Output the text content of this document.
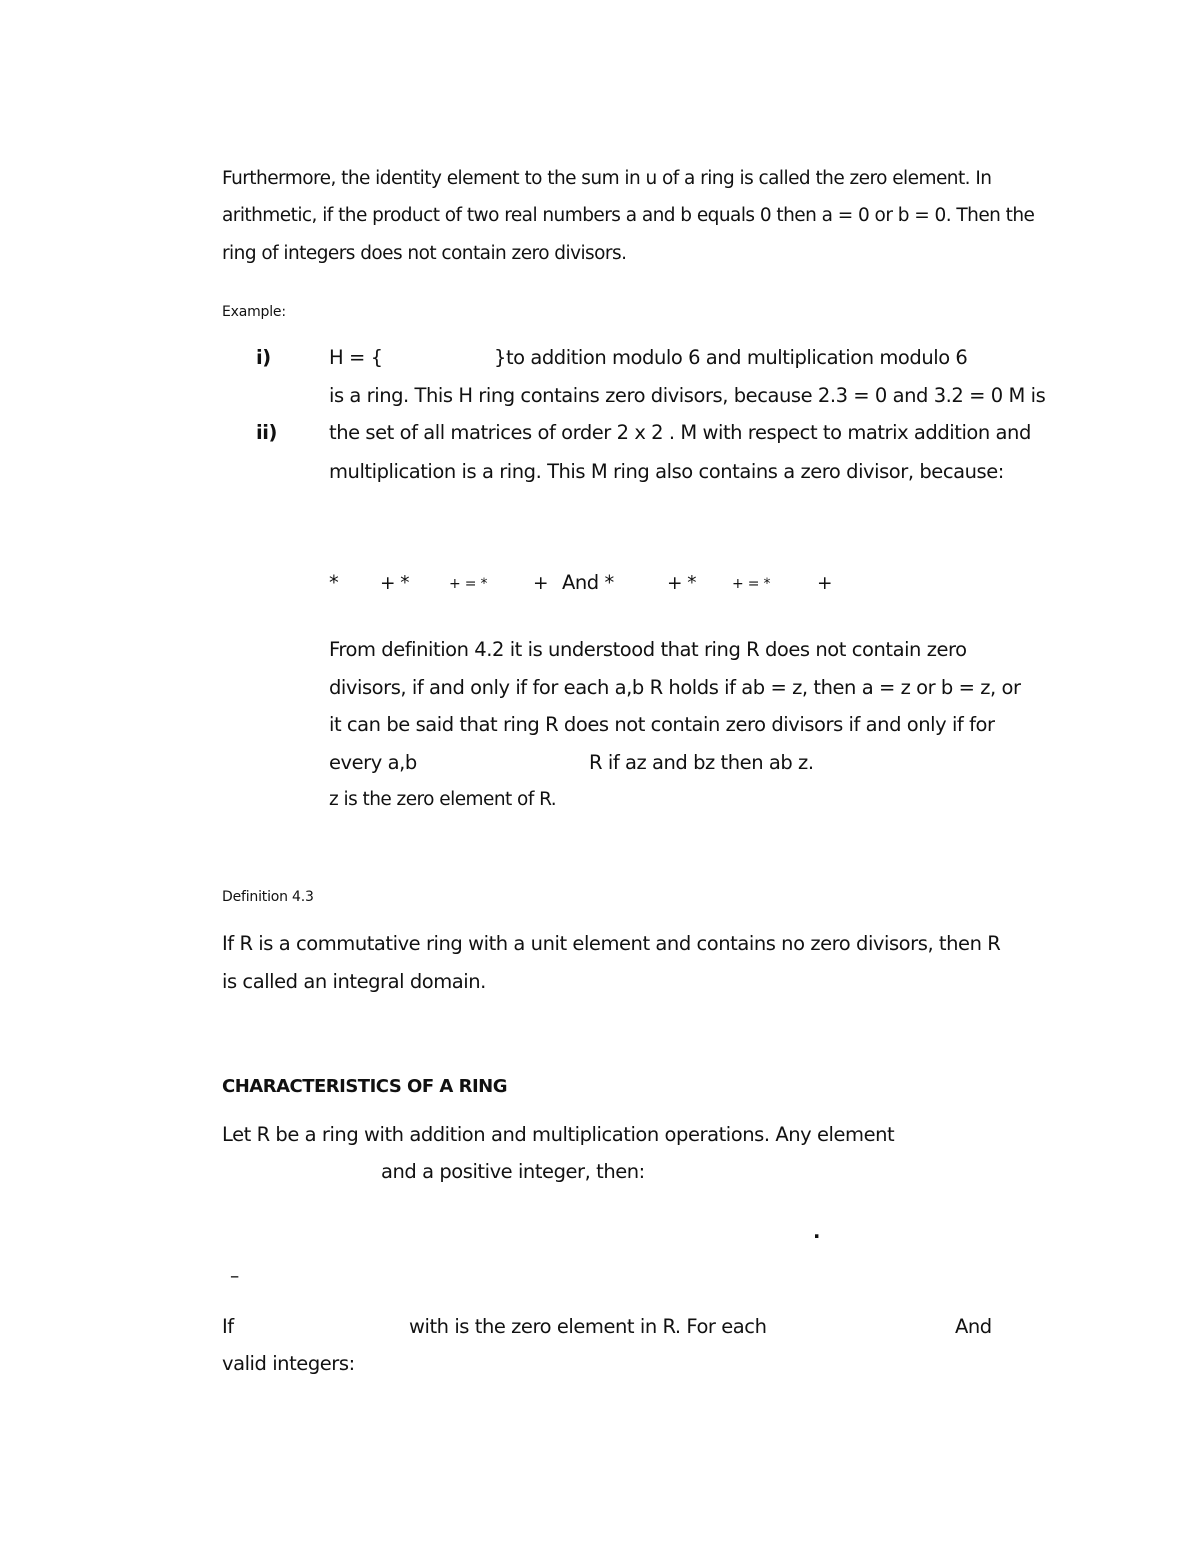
Furthermore, the identity element to the sum in u of a ring is called the zero element. In

arithmetic, if the product of two real numbers a and b equals 0 then a = 0 or b = 0. Then the

ring of integers does not contain zero divisors.

Example:

i)	H = {	}to addition modulo 6 and multiplication modulo 6

is a ring. This H ring contains zero divisors, because 2.3 = 0 and 3.2 = 0 M is

ii)	the set of all matrices of order 2 x 2 . M with respect to matrix addition and

multiplication is a ring. This M ring also contains a zero divisor, because:

* + *	+ = * + And *	+ *	+ = *	+

From definition 4.2 it is understood that ring R does not contain zero

divisors, if and only if for each a,b R holds if ab = z, then a = z or b = z, or

it can be said that ring R does not contain zero divisors if and only if for

every a,b	R if az and bz then ab z.

z is the zero element of R.

Definition 4.3

If R is a commutative ring with a unit element and contains no zero divisors, then R

is called an integral domain.

CHARACTERISTICS OF A RING

Let R be a ring with addition and multiplication operations. Any element

and a positive integer, then:

.

–

If	with is the zero element in R. For each	And

valid integers:
